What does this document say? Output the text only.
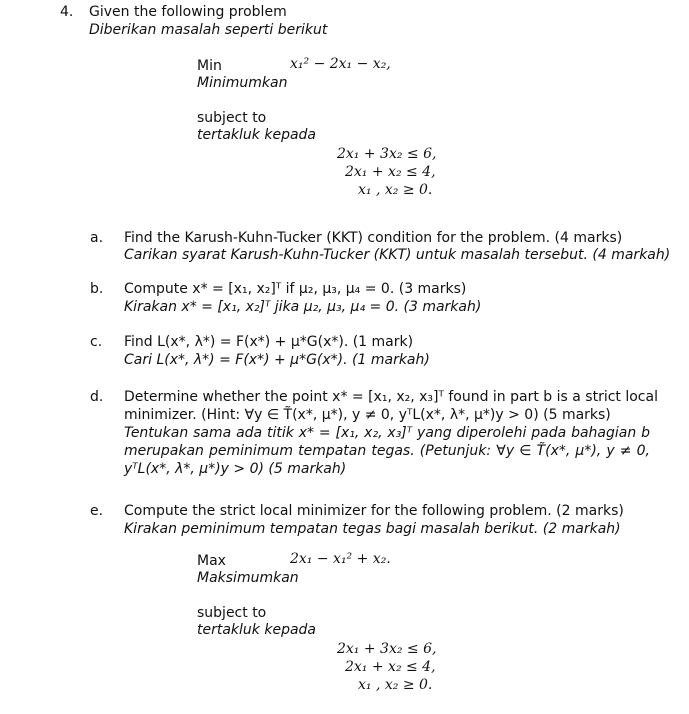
4. Given the following problem
Diberikan masalah seperti berikut
Min	x₁² − 2x₁ − x₂,
Minimumkan
subject to
tertakluk kepada
2x₁ + 3x₂ ≤ 6,
2x₁ + x₂ ≤ 4,
x₁ , x₂ ≥ 0.
a. Find the Karush-Kuhn-Tucker (KKT) condition for the problem. (4 marks)
Carikan syarat Karush-Kuhn-Tucker (KKT) untuk masalah tersebut. (4 markah)
b. Compute x* = [x₁, x₂]ᵀ if μ₂, μ₃, μ₄ = 0. (3 marks)
Kirakan x* = [x₁, x₂]ᵀ jika μ₂, μ₃, μ₄ = 0. (3 markah)
c. Find L(x*, λ*) = F(x*) + μ*G(x*). (1 mark)
Cari L(x*, λ*) = F(x*) + μ*G(x*). (1 markah)
d. Determine whether the point x* = [x₁, x₂, x₃]ᵀ found in part b is a strict local
minimizer. (Hint: ∀y ∈ T̃(x*, μ*), y ≠ 0, yᵀL(x*, λ*, μ*)y > 0) (5 marks)
Tentukan sama ada titik x* = [x₁, x₂, x₃]ᵀ yang diperolehi pada bahagian b
merupakan peminimum tempatan tegas. (Petunjuk: ∀y ∈ T̃(x*, μ*), y ≠ 0,
yᵀL(x*, λ*, μ*)y > 0) (5 markah)
e. Compute the strict local minimizer for the following problem. (2 marks)
Kirakan peminimum tempatan tegas bagi masalah berikut. (2 markah)
Max	2x₁ − x₁² + x₂.
Maksimumkan
subject to
tertakluk kepada
2x₁ + 3x₂ ≤ 6,
2x₁ + x₂ ≤ 4,
x₁ , x₂ ≥ 0.
